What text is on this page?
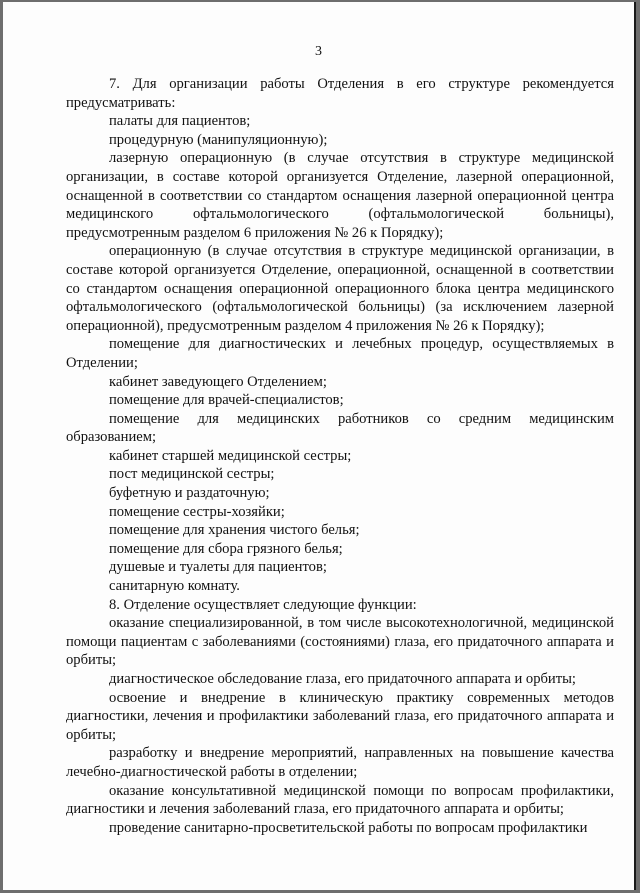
3

7. Для организации работы Отделения в его структуре рекомендуется предусматривать:

палаты для пациентов;

процедурную (манипуляционную);

лазерную операционную (в случае отсутствия в структуре медицинской организации, в составе которой организуется Отделение, лазерной операционной, оснащенной в соответствии со стандартом оснащения лазерной операционной центра медицинского офтальмологического (офтальмологической больницы), предусмотренным разделом 6 приложения № 26 к Порядку);

операционную (в случае отсутствия в структуре медицинской организации, в составе которой организуется Отделение, операционной, оснащенной в соответствии со стандартом оснащения операционной операционного блока центра медицинского офтальмологического (офтальмологической больницы) (за исключением лазерной операционной), предусмотренным разделом 4 приложения № 26 к Порядку);

помещение для диагностических и лечебных процедур, осуществляемых в Отделении;

кабинет заведующего Отделением;

помещение для врачей-специалистов;

помещение для медицинских работников со средним медицинским образованием;

кабинет старшей медицинской сестры;

пост медицинской сестры;

буфетную и раздаточную;

помещение сестры-хозяйки;

помещение для хранения чистого белья;

помещение для сбора грязного белья;

душевые и туалеты для пациентов;

санитарную комнату.

8. Отделение осуществляет следующие функции:

оказание специализированной, в том числе высокотехнологичной, медицинской помощи пациентам с заболеваниями (состояниями) глаза, его придаточного аппарата и орбиты;

диагностическое обследование глаза, его придаточного аппарата и орбиты;

освоение и внедрение в клиническую практику современных методов диагностики, лечения и профилактики заболеваний глаза, его придаточного аппарата и орбиты;

разработку и внедрение мероприятий, направленных на повышение качества лечебно-диагностической работы в отделении;

оказание консультативной медицинской помощи по вопросам профилактики, диагностики и лечения заболеваний глаза, его придаточного аппарата и орбиты;

проведение санитарно-просветительской работы по вопросам профилактики
